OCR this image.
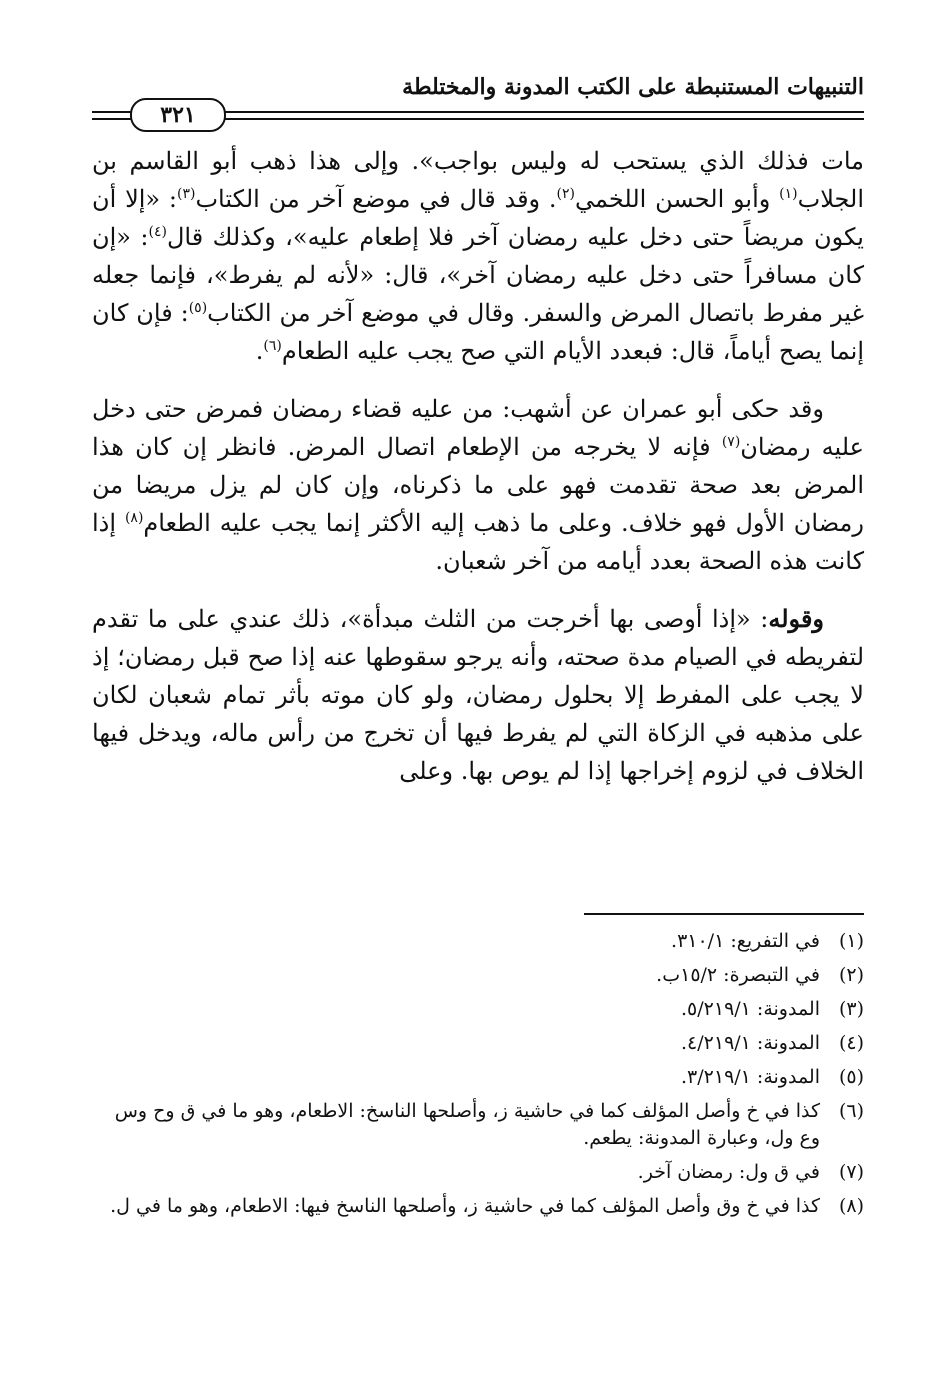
التنبيهات المستنبطة على الكتب المدونة والمختلطة
٣٢١

مات فذلك الذي يستحب له وليس بواجب». وإلى هذا ذهب أبو القاسم بن الجلاب$^{(١)}$ وأبو الحسن اللخمي$^{(٢)}$. وقد قال في موضع آخر من الكتاب$^{(٣)}$: «إلا أن يكون مريضاً حتى دخل عليه رمضان آخر فلا إطعام عليه»، وكذلك قال$^{(٤)}$: «إن كان مسافراً حتى دخل عليه رمضان آخر»، قال: «لأنه لم يفرط»، فإنما جعله غير مفرط باتصال المرض والسفر. وقال في موضع آخر من الكتاب$^{(٥)}$: فإن كان إنما يصح أياماً، قال: فبعدد الأيام التي صح يجب عليه الطعام$^{(٦)}$.

وقد حكى أبو عمران عن أشهب: من عليه قضاء رمضان فمرض حتى دخل عليه رمضان$^{(٧)}$ فإنه لا يخرجه من الإطعام اتصال المرض. فانظر إن كان هذا المرض بعد صحة تقدمت فهو على ما ذكرناه، وإن كان لم يزل مريضا من رمضان الأول فهو خلاف. وعلى ما ذهب إليه الأكثر إنما يجب عليه الطعام$^{(٨)}$ إذا كانت هذه الصحة بعدد أيامه من آخر شعبان.

وقوله: «إذا أوصى بها أخرجت من الثلث مبدأة»، ذلك عندي على ما تقدم لتفريطه في الصيام مدة صحته، وأنه يرجو سقوطها عنه إذا صح قبل رمضان؛ إذ لا يجب على المفرط إلا بحلول رمضان، ولو كان موته بأثر تمام شعبان لكان على مذهبه في الزكاة التي لم يفرط فيها أن تخرج من رأس ماله، ويدخل فيها الخلاف في لزوم إخراجها إذا لم يوص بها. وعلى

(١)
في التفريع: ٣١٠/١.
(٢)
في التبصرة: ١٥/٢ب.
(٣)
المدونة: ٥/٢١٩/١.
(٤)
المدونة: ٤/٢١٩/١.
(٥)
المدونة: ٣/٢١٩/١.
(٦)
كذا في خ وأصل المؤلف كما في حاشية ز، وأصلحها الناسخ: الاطعام، وهو ما في ق وح وس وع ول، وعبارة المدونة: يطعم.
(٧)
في ق ول: رمضان آخر.
(٨)
كذا في خ وق وأصل المؤلف كما في حاشية ز، وأصلحها الناسخ فيها: الاطعام، وهو ما في ل.
